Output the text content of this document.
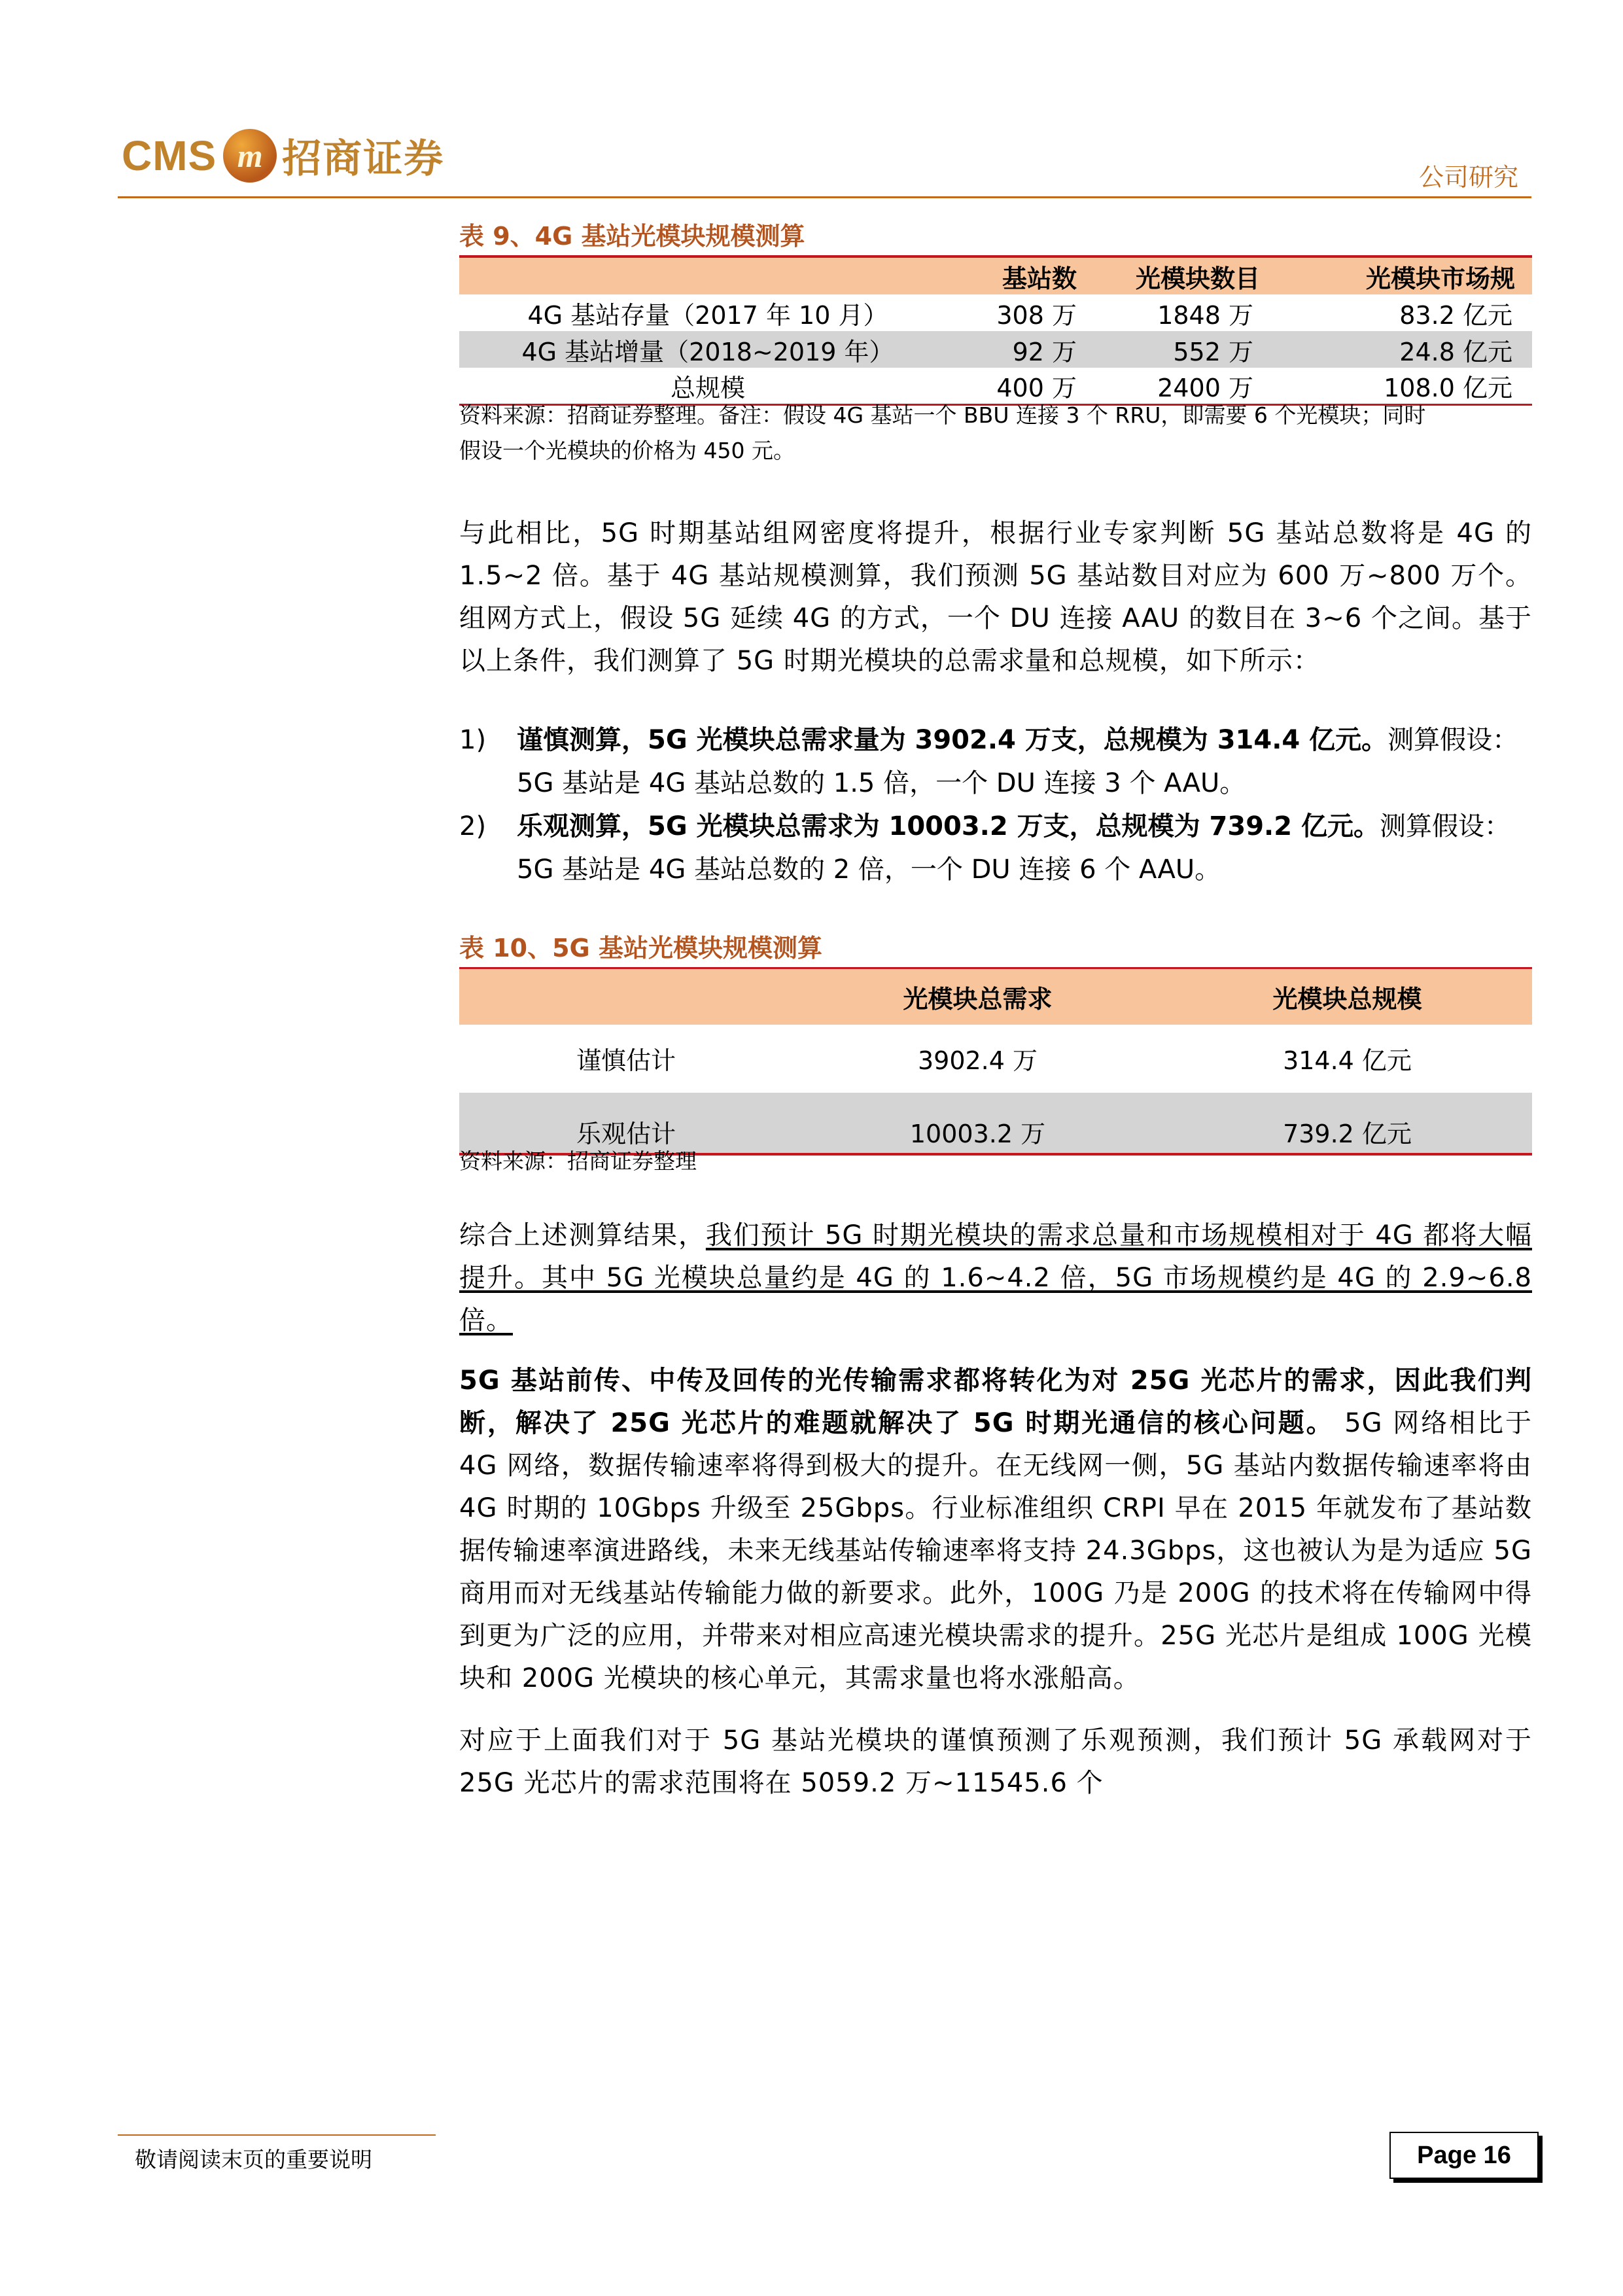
CMS m 招商证券	公司研究
表 9、4G 基站光模块规模测算
	基站数	光模块数目	光模块市场规
4G 基站存量（2017 年 10 月）	308 万	1848 万	83.2 亿元
4G 基站增量（2018~2019 年）	92 万	552 万	24.8 亿元
总规模	400 万	2400 万	108.0 亿元
资料来源：招商证券整理。备注：假设 4G 基站一个 BBU 连接 3 个 RRU，即需要 6 个光模块；同时
假设一个光模块的价格为 450 元。
与此相比，5G 时期基站组网密度将提升，根据行业专家判断 5G 基站总数将是 4G 的 1.5~2 倍。基于 4G 基站规模测算，我们预测 5G 基站数目对应为 600 万~800 万个。组网方式上，假设 5G 延续 4G 的方式，一个 DU 连接 AAU 的数目在 3~6 个之间。基于以上条件，我们测算了 5G 时期光模块的总需求量和总规模，如下所示：
1)	谨慎测算，5G 光模块总需求量为 3902.4 万支，总规模为 314.4 亿元。测算假设：5G 基站是 4G 基站总数的 1.5 倍，一个 DU 连接 3 个 AAU。
2)	乐观测算，5G 光模块总需求为 10003.2 万支，总规模为 739.2 亿元。测算假设：5G 基站是 4G 基站总数的 2 倍，一个 DU 连接 6 个 AAU。
表 10、5G 基站光模块规模测算
	光模块总需求	光模块总规模
谨慎估计	3902.4 万	314.4 亿元
乐观估计	10003.2 万	739.2 亿元
资料来源：招商证券整理
综合上述测算结果，我们预计 5G 时期光模块的需求总量和市场规模相对于 4G 都将大幅提升。其中 5G 光模块总量约是 4G 的 1.6~4.2 倍，5G 市场规模约是 4G 的 2.9~6.8 倍。
5G 基站前传、中传及回传的光传输需求都将转化为对 25G 光芯片的需求，因此我们判断，解决了 25G 光芯片的难题就解决了 5G 时期光通信的核心问题。 5G 网络相比于 4G 网络，数据传输速率将得到极大的提升。在无线网一侧，5G 基站内数据传输速率将由 4G 时期的 10Gbps 升级至 25Gbps。行业标准组织 CRPI 早在 2015 年就发布了基站数据传输速率演进路线，未来无线基站传输速率将支持 24.3Gbps，这也被认为是为适应 5G 商用而对无线基站传输能力做的新要求。此外，100G 乃是 200G 的技术将在传输网中得到更为广泛的应用，并带来对相应高速光模块需求的提升。25G 光芯片是组成 100G 光模块和 200G 光模块的核心单元，其需求量也将水涨船高。
对应于上面我们对于 5G 基站光模块的谨慎预测了乐观预测，我们预计 5G 承载网对于 25G 光芯片的需求范围将在 5059.2 万~11545.6 个
敬请阅读末页的重要说明	Page 16
